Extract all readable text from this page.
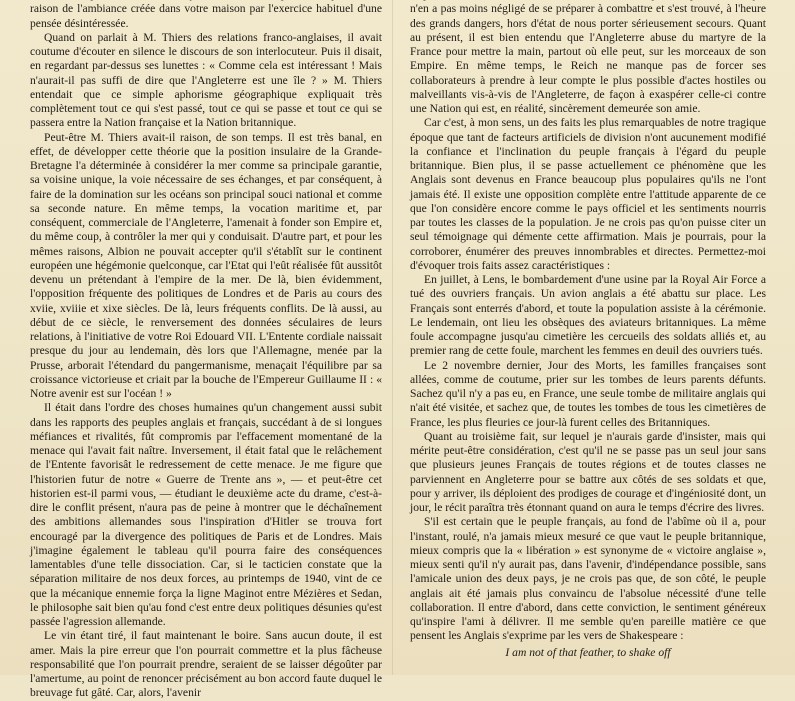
raison de l'ambiance créée dans votre maison par l'exercice habituel d'une pensée désintéressée.

Quand on parlait à M. Thiers des relations franco-anglaises, il avait coutume d'écouter en silence le discours de son interlocuteur. Puis il disait, en regardant par-dessus ses lunettes : « Comme cela est intéressant ! Mais n'aurait-il pas suffi de dire que l'Angleterre est une île ? » M. Thiers entendait que ce simple aphorisme géographique expliquait très complètement tout ce qui s'est passé, tout ce qui se passe et tout ce qui se passera entre la Nation française et la Nation britannique.

Peut-être M. Thiers avait-il raison, de son temps. Il est très banal, en effet, de développer cette théorie que la position insulaire de la Grande-Bretagne l'a déterminée à considérer la mer comme sa principale garantie, sa voisine unique, la voie nécessaire de ses échanges, et par conséquent, à faire de la domination sur les océans son principal souci national et comme sa seconde nature. En même temps, la vocation maritime et, par conséquent, commerciale de l'Angleterre, l'amenait à fonder son Empire et, du même coup, à contrôler la mer qui y conduisait. D'autre part, et pour les mêmes raisons, Albion ne pouvait accepter qu'il s'établît sur le continent européen une hégémonie quelconque, car l'Etat qui l'eût réalisée fût aussitôt devenu un prétendant à l'empire de la mer. De là, bien évidemment, l'opposition fréquente des politiques de Londres et de Paris au cours des xviie, xviiie et xixe siècles. De là, leurs fréquents conflits. De là aussi, au début de ce siècle, le renversement des données séculaires de leurs relations, à l'initiative de votre Roi Edouard VII. L'Entente cordiale naissait presque du jour au lendemain, dès lors que l'Allemagne, menée par la Prusse, arborait l'étendard du pangermanisme, menaçait l'équilibre par sa croissance victorieuse et criait par la bouche de l'Empereur Guillaume II : « Notre avenir est sur l'océan ! »

Il était dans l'ordre des choses humaines qu'un changement aussi subit dans les rapports des peuples anglais et français, succédant à de si longues méfiances et rivalités, fût compromis par l'effacement momentané de la menace qui l'avait fait naître. Inversement, il était fatal que le relâchement de l'Entente favorisât le redressement de cette menace. Je me figure que l'historien futur de notre « Guerre de Trente ans », — et peut-être cet historien est-il parmi vous, — étudiant le deuxième acte du drame, c'est-à-dire le conflit présent, n'aura pas de peine à montrer que le déchaînement des ambitions allemandes sous l'inspiration d'Hitler se trouva fort encouragé par la divergence des politiques de Paris et de Londres. Mais j'imagine également le tableau qu'il pourra faire des conséquences lamentables d'une telle dissociation. Car, si le tacticien constate que la séparation militaire de nos deux forces, au printemps de 1940, vint de ce que la mécanique ennemie força la ligne Maginot entre Mézières et Sedan, le philosophe sait bien qu'au fond c'est entre deux politiques désunies qu'est passée l'agression allemande.

Le vin étant tiré, il faut maintenant le boire. Sans aucun doute, il est amer. Mais la pire erreur que l'on pourrait commettre et la plus fâcheuse responsabilité que l'on pourrait prendre, seraient de se laisser dégoûter par l'amertume, au point de renoncer précisément au bon accord faute duquel le breuvage fut gâté. Car, alors, l'avenir

n'en a pas moins négligé de se préparer à combattre et s'est trouvé, à l'heure des grands dangers, hors d'état de nous porter sérieusement secours. Quant au présent, il est bien entendu que l'Angleterre abuse du martyre de la France pour mettre la main, partout où elle peut, sur les morceaux de son Empire. En même temps, le Reich ne manque pas de forcer ses collaborateurs à prendre à leur compte le plus possible d'actes hostiles ou malveillants vis-à-vis de l'Angleterre, de façon à exaspérer celle-ci contre une Nation qui est, en réalité, sincèrement demeurée son amie.

Car c'est, à mon sens, un des faits les plus remarquables de notre tragique époque que tant de facteurs artificiels de division n'ont aucunement modifié la confiance et l'inclination du peuple français à l'égard du peuple britannique. Bien plus, il se passe actuellement ce phénomène que les Anglais sont devenus en France beaucoup plus populaires qu'ils ne l'ont jamais été. Il existe une opposition complète entre l'attitude apparente de ce que l'on considère encore comme le pays officiel et les sentiments nourris par toutes les classes de la population. Je ne crois pas qu'on puisse citer un seul témoignage qui démente cette affirmation. Mais je pourrais, pour la corroborer, énumérer des preuves innombrables et directes. Permettez-moi d'évoquer trois faits assez caractéristiques :

En juillet, à Lens, le bombardement d'une usine par la Royal Air Force a tué des ouvriers français. Un avion anglais a été abattu sur place. Les Français sont enterrés d'abord, et toute la population assiste à la cérémonie. Le lendemain, ont lieu les obsèques des aviateurs britanniques. La même foule accompagne jusqu'au cimetière les cercueils des soldats alliés et, au premier rang de cette foule, marchent les femmes en deuil des ouvriers tués.

Le 2 novembre dernier, Jour des Morts, les familles françaises sont allées, comme de coutume, prier sur les tombes de leurs parents défunts. Sachez qu'il n'y a pas eu, en France, une seule tombe de militaire anglais qui n'ait été visitée, et sachez que, de toutes les tombes de tous les cimetières de France, les plus fleuries ce jour-là furent celles des Britanniques.

Quant au troisième fait, sur lequel je n'aurais garde d'insister, mais qui mérite peut-être considération, c'est qu'il ne se passe pas un seul jour sans que plusieurs jeunes Français de toutes régions et de toutes classes ne parviennent en Angleterre pour se battre aux côtés de ses soldats et que, pour y arriver, ils déploient des prodiges de courage et d'ingéniosité dont, un jour, le récit paraîtra très étonnant quand on aura le temps d'écrire des livres.

S'il est certain que le peuple français, au fond de l'abîme où il a, pour l'instant, roulé, n'a jamais mieux mesuré ce que vaut le peuple britannique, mieux compris que la « libération » est synonyme de « victoire anglaise », mieux senti qu'il n'y aurait pas, dans l'avenir, d'indépendance possible, sans l'amicale union des deux pays, je ne crois pas que, de son côté, le peuple anglais ait été jamais plus convaincu de l'absolue nécessité d'une telle collaboration. Il entre d'abord, dans cette conviction, le sentiment généreux qu'inspire l'ami à délivrer. Il me semble qu'en pareille matière ce que pensent les Anglais s'exprime par les vers de Shakespeare :

I am not of that feather, to shake off
